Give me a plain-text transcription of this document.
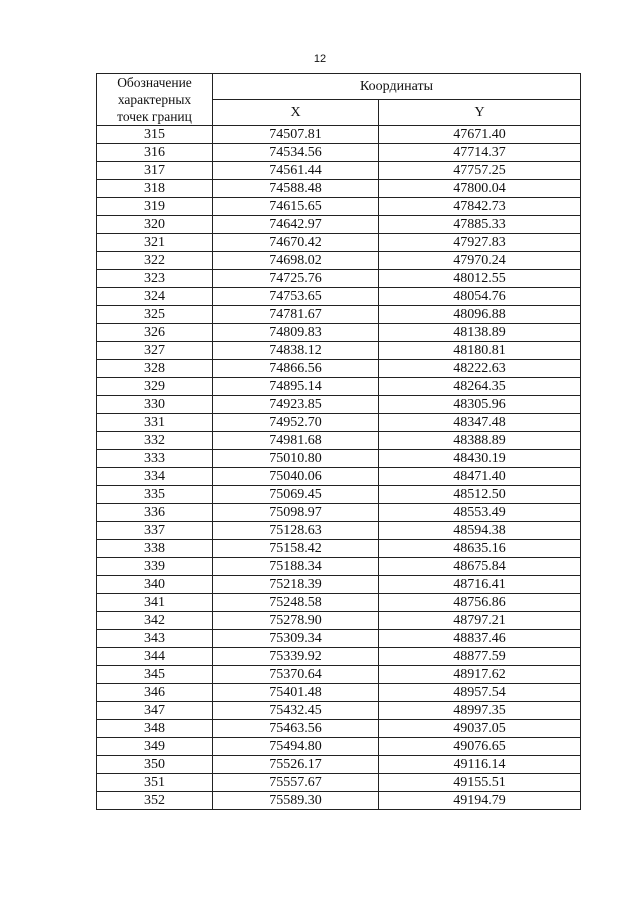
12
Обозначение
характерных
точек границ	Координаты	
	X	Y
315	74507.81	47671.40
316	74534.56	47714.37
317	74561.44	47757.25
318	74588.48	47800.04
319	74615.65	47842.73
320	74642.97	47885.33
321	74670.42	47927.83
322	74698.02	47970.24
323	74725.76	48012.55
324	74753.65	48054.76
325	74781.67	48096.88
326	74809.83	48138.89
327	74838.12	48180.81
328	74866.56	48222.63
329	74895.14	48264.35
330	74923.85	48305.96
331	74952.70	48347.48
332	74981.68	48388.89
333	75010.80	48430.19
334	75040.06	48471.40
335	75069.45	48512.50
336	75098.97	48553.49
337	75128.63	48594.38
338	75158.42	48635.16
339	75188.34	48675.84
340	75218.39	48716.41
341	75248.58	48756.86
342	75278.90	48797.21
343	75309.34	48837.46
344	75339.92	48877.59
345	75370.64	48917.62
346	75401.48	48957.54
347	75432.45	48997.35
348	75463.56	49037.05
349	75494.80	49076.65
350	75526.17	49116.14
351	75557.67	49155.51
352	75589.30	49194.79
